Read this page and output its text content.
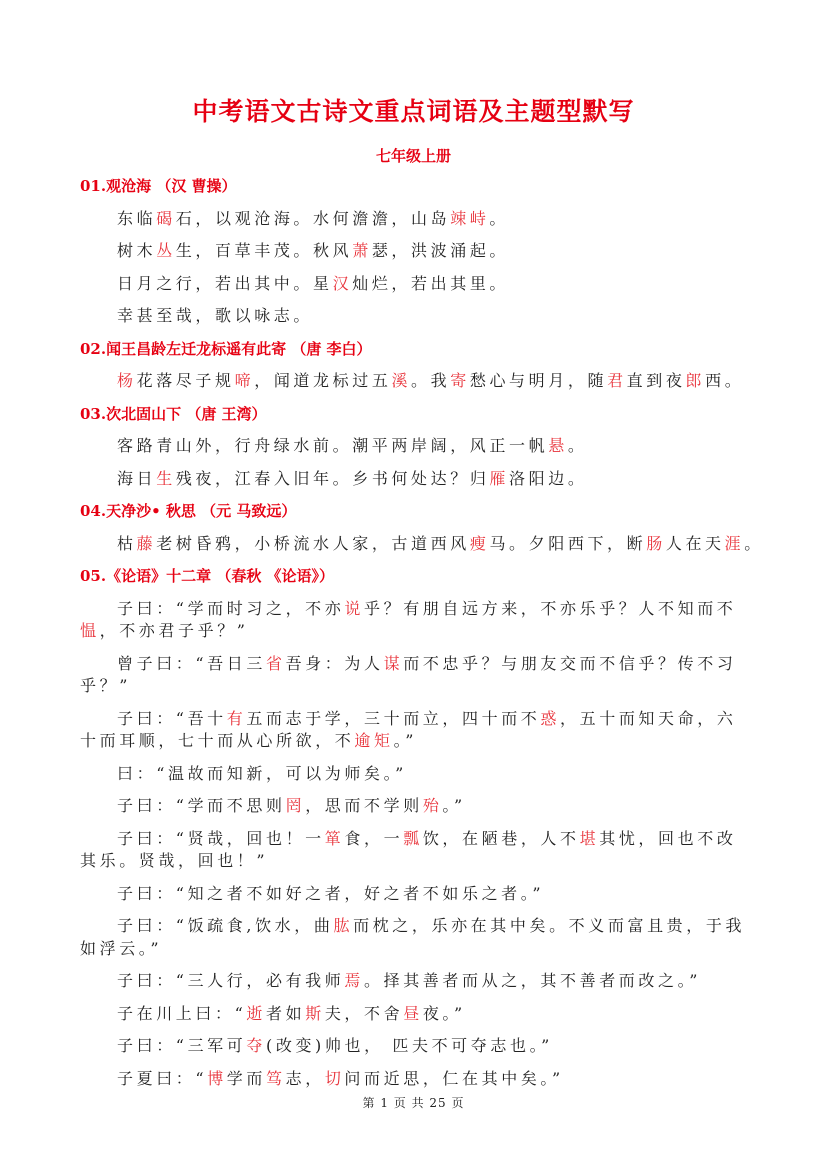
中考语文古诗文重点词语及主题型默写
七年级上册
01.观沧海 （汉 曹操）
东临碣石，以观沧海。水何澹澹，山岛竦峙。
树木丛生，百草丰茂。秋风萧瑟，洪波涌起。
日月之行，若出其中。星汉灿烂，若出其里。
幸甚至哉，歌以咏志。
02.闻王昌龄左迁龙标遥有此寄 （唐 李白）
杨花落尽子规啼，闻道龙标过五溪。我寄愁心与明月，随君直到夜郎西。
03.次北固山下 （唐 王湾）
客路青山外，行舟绿水前。潮平两岸阔，风正一帆悬。
海日生残夜，江春入旧年。乡书何处达？归雁洛阳边。
04.天净沙• 秋思 （元 马致远）
枯藤老树昏鸦，小桥流水人家，古道西风瘦马。夕阳西下，断肠人在天涯。
05.《论语》十二章 （春秋 《论语》）
子曰：“学而时习之，不亦说乎？有朋自远方来，不亦乐乎？人不知而不
愠，不亦君子乎？”
曾子曰：“吾日三省吾身：为人谋而不忠乎？与朋友交而不信乎？传不习
乎？”
子曰：“吾十有五而志于学，三十而立，四十而不惑，五十而知天命，六
十而耳顺，七十而从心所欲，不逾矩。”
曰：“温故而知新，可以为师矣。”
子曰：“学而不思则罔，思而不学则殆。”
子曰：“贤哉，回也！一箪食，一瓢饮，在陋巷，人不堪其忧，回也不改
其乐。贤哉，回也！”
子曰：“知之者不如好之者，好之者不如乐之者。”
子曰：“饭疏食,饮水，曲肱而枕之，乐亦在其中矣。不义而富且贵，于我
如浮云。”
子曰：“三人行，必有我师焉。择其善者而从之，其不善者而改之。”
子在川上曰：“逝者如斯夫，不舍昼夜。”
子曰：“三军可夺(改变)帅也， 匹夫不可夺志也。”
子夏曰：“博学而笃志，切问而近思，仁在其中矣。”
第 1 页 共 25 页
